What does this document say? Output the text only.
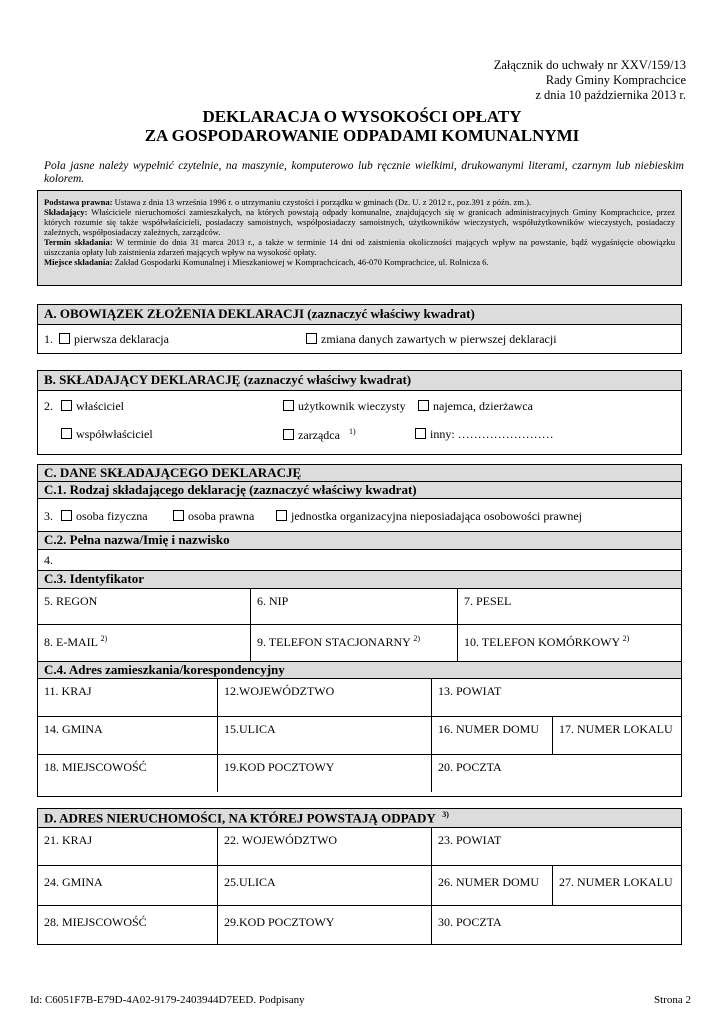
Załącznik do uchwały nr XXV/159/13
Rady Gminy Komprachcice
z dnia 10 października 2013 r.
DEKLARACJA O WYSOKOŚCI OPŁATY
ZA GOSPODAROWANIE ODPADAMI KOMUNALNYMI
Pola jasne należy wypełnić czytelnie, na maszynie, komputerowo lub ręcznie wielkimi, drukowanymi literami, czarnym lub niebieskim kolorem.
Podstawa prawna: Ustawa z dnia 13 września 1996 r. o utrzymaniu czystości i porządku w gminach (Dz. U. z 2012 r., poz.391 z późn. zm.).
Składający: Właściciele nieruchomości zamieszkałych, na których powstają odpady komunalne, znajdujących się w granicach administracyjnych Gminy Komprachcice, przez których rozumie się także współwłaścicieli, posiadaczy samoistnych, współposiadaczy samoistnych, użytkowników wieczystych, współużytkowników wieczystych, posiadaczy zależnych, współposiadaczy zależnych, zarządców.
Termin składania: W terminie do dnia 31 marca 2013 r., a także w terminie 14 dni od zaistnienia okoliczności mających wpływ na powstanie, bądź wygaśnięcie obowiązku uiszczania opłaty lub zaistnienia zdarzeń mających wpływ na wysokość opłaty.
Miejsce składania: Zakład Gospodarki Komunalnej i Mieszkaniowej w Komprachcicach, 46-070 Komprachcice, ul. Rolnicza 6.
A. OBOWIĄZEK ZŁOŻENIA DEKLARACJI (zaznaczyć właściwy kwadrat)
1.	pierwsza deklaracja	zmiana danych zawartych w pierwszej deklaracji
B. SKŁADAJĄCY DEKLARACJĘ (zaznaczyć właściwy kwadrat)
2.	właściciel	użytkownik wieczysty	najemca, dzierżawca
współwłaściciel	zarządca $^{1)}$	inny: ……………………
C. DANE SKŁADAJĄCEGO DEKLARACJĘ
C.1. Rodzaj składającego deklarację (zaznaczyć właściwy kwadrat)
3.	osoba fizyczna	osoba prawna	jednostka organizacyjna nieposiadająca osobowości prawnej
C.2. Pełna nazwa/Imię i nazwisko
4.
C.3. Identyfikator
5. REGON	6. NIP	7. PESEL
8. E-MAIL $^{2)}$	9. TELEFON STACJONARNY $^{2)}$	10. TELEFON KOMÓRKOWY $^{2)}$
C.4. Adres zamieszkania/korespondencyjny
11. KRAJ	12.WOJEWÓDZTWO	13. POWIAT
14. GMINA	15.ULICA	16. NUMER DOMU	17. NUMER LOKALU
18. MIEJSCOWOŚĆ	19.KOD POCZTOWY	20. POCZTA
D. ADRES NIERUCHOMOŚCI, NA KTÓREJ POWSTAJĄ ODPADY $^{3)}$
21. KRAJ	22. WOJEWÓDZTWO	23. POWIAT
24. GMINA	25.ULICA	26. NUMER DOMU	27. NUMER LOKALU
28. MIEJSCOWOŚĆ	29.KOD POCZTOWY	30. POCZTA
Id: C6051F7B-E79D-4A02-9179-2403944D7EED. Podpisany	Strona 2
